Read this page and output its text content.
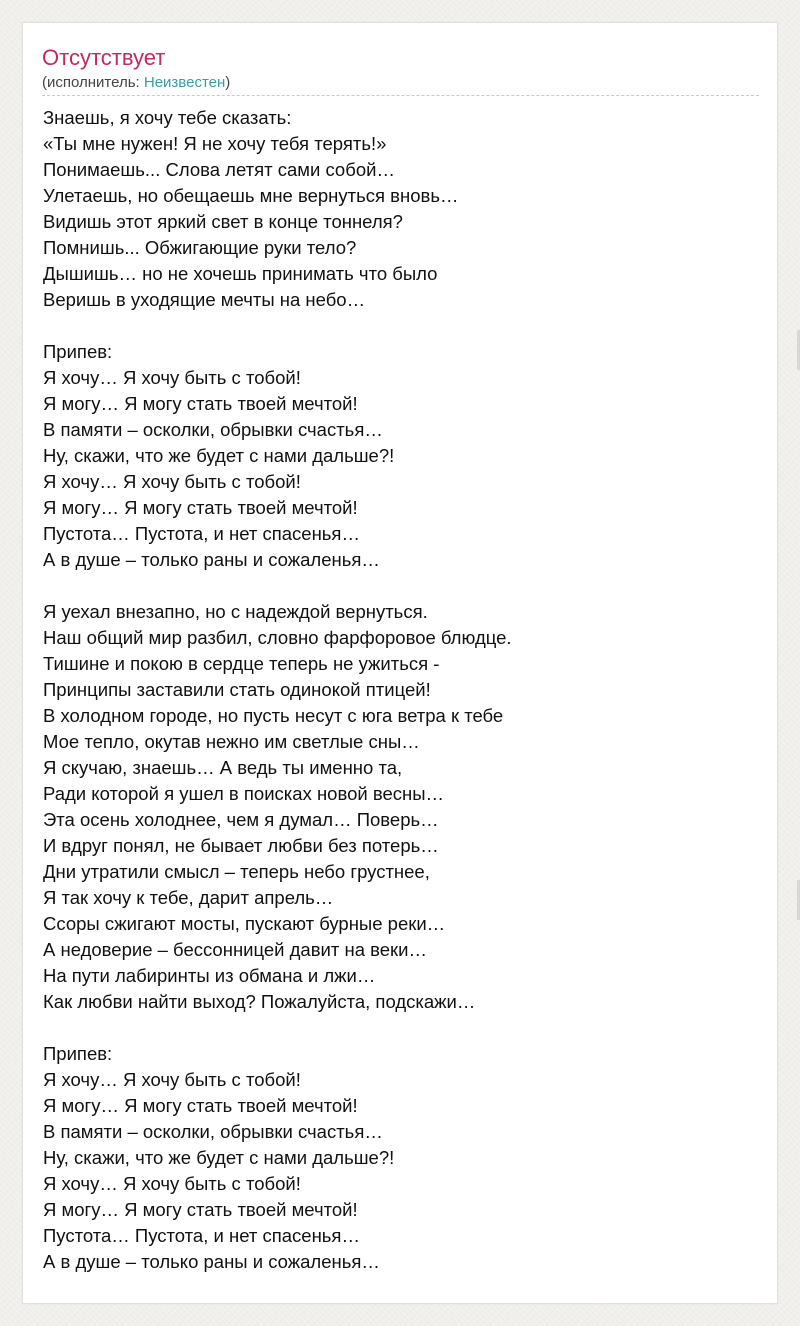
Отсутствует
(исполнитель: Неизвестен)
Знаешь, я хочу тебе сказать:
«Ты мне нужен! Я не хочу тебя терять!»
Понимаешь... Слова летят сами собой…
Улетаешь, но обещаешь мне вернуться вновь…
Видишь этот яркий свет в конце тоннеля?
Помнишь... Обжигающие руки тело?
Дышишь… но не хочешь принимать что было
Веришь в уходящие мечты на небо…
Припев:
Я хочу… Я хочу быть с тобой!
Я могу… Я могу стать твоей мечтой!
В памяти – осколки, обрывки счастья…
Ну, скажи, что же будет с нами дальше?!
Я хочу… Я хочу быть с тобой!
Я могу… Я могу стать твоей мечтой!
Пустота… Пустота, и нет спасенья…
А в душе – только раны и сожаленья…
Я уехал внезапно, но с надеждой вернуться.
Наш общий мир разбил, словно фарфоровое блюдце.
Тишине и покою в сердце теперь не ужиться -
Принципы заставили стать одинокой птицей!
В холодном городе, но пусть несут с юга ветра к тебе
Мое тепло, окутав нежно им светлые сны…
Я скучаю, знаешь… А ведь ты именно та,
Ради которой я ушел в поисках новой весны…
Эта осень холоднее, чем я думал… Поверь…
И вдруг понял, не бывает любви без потерь…
Дни утратили смысл – теперь небо грустнее,
Я так хочу к тебе, дарит апрель…
Ссоры сжигают мосты, пускают бурные реки…
А недоверие – бессонницей давит на веки…
На пути лабиринты из обмана и лжи…
Как любви найти выход? Пожалуйста, подскажи…
Припев:
Я хочу… Я хочу быть с тобой!
Я могу… Я могу стать твоей мечтой!
В памяти – осколки, обрывки счастья…
Ну, скажи, что же будет с нами дальше?!
Я хочу… Я хочу быть с тобой!
Я могу… Я могу стать твоей мечтой!
Пустота… Пустота, и нет спасенья…
А в душе – только раны и сожаленья…
